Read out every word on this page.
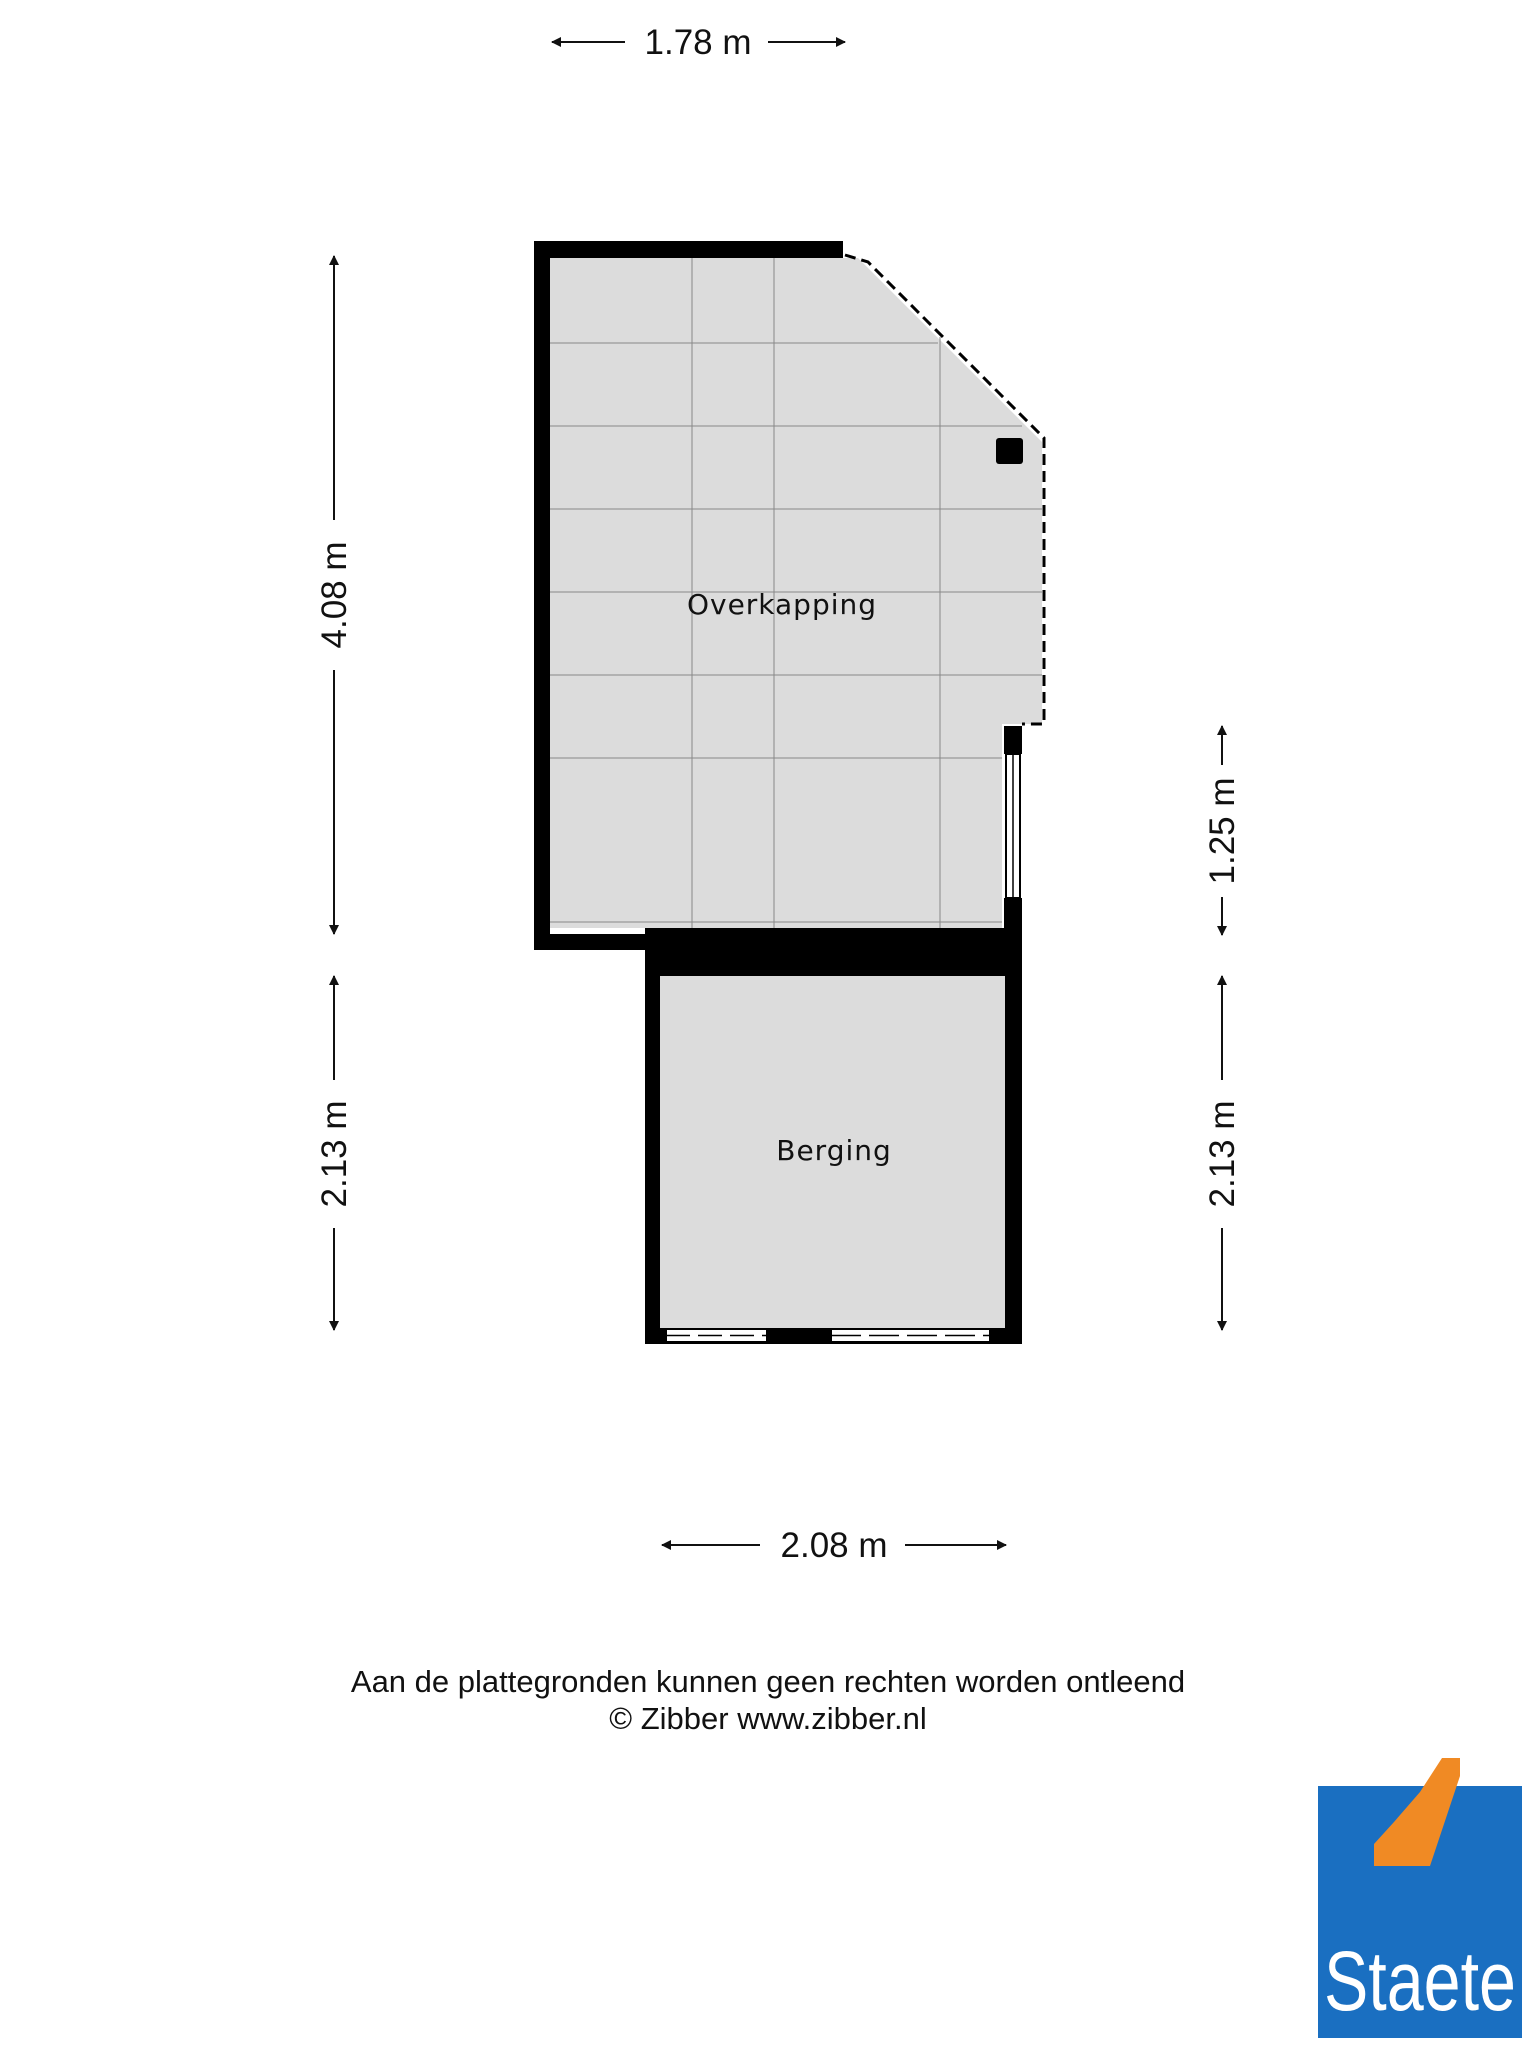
Overkapping
Berging
1.78 m
4.08 m
2.13 m
1.25 m
2.13 m
2.08 m
Aan de plattegronden kunnen geen rechten worden ontleend
© Zibber www.zibber.nl
Staete
